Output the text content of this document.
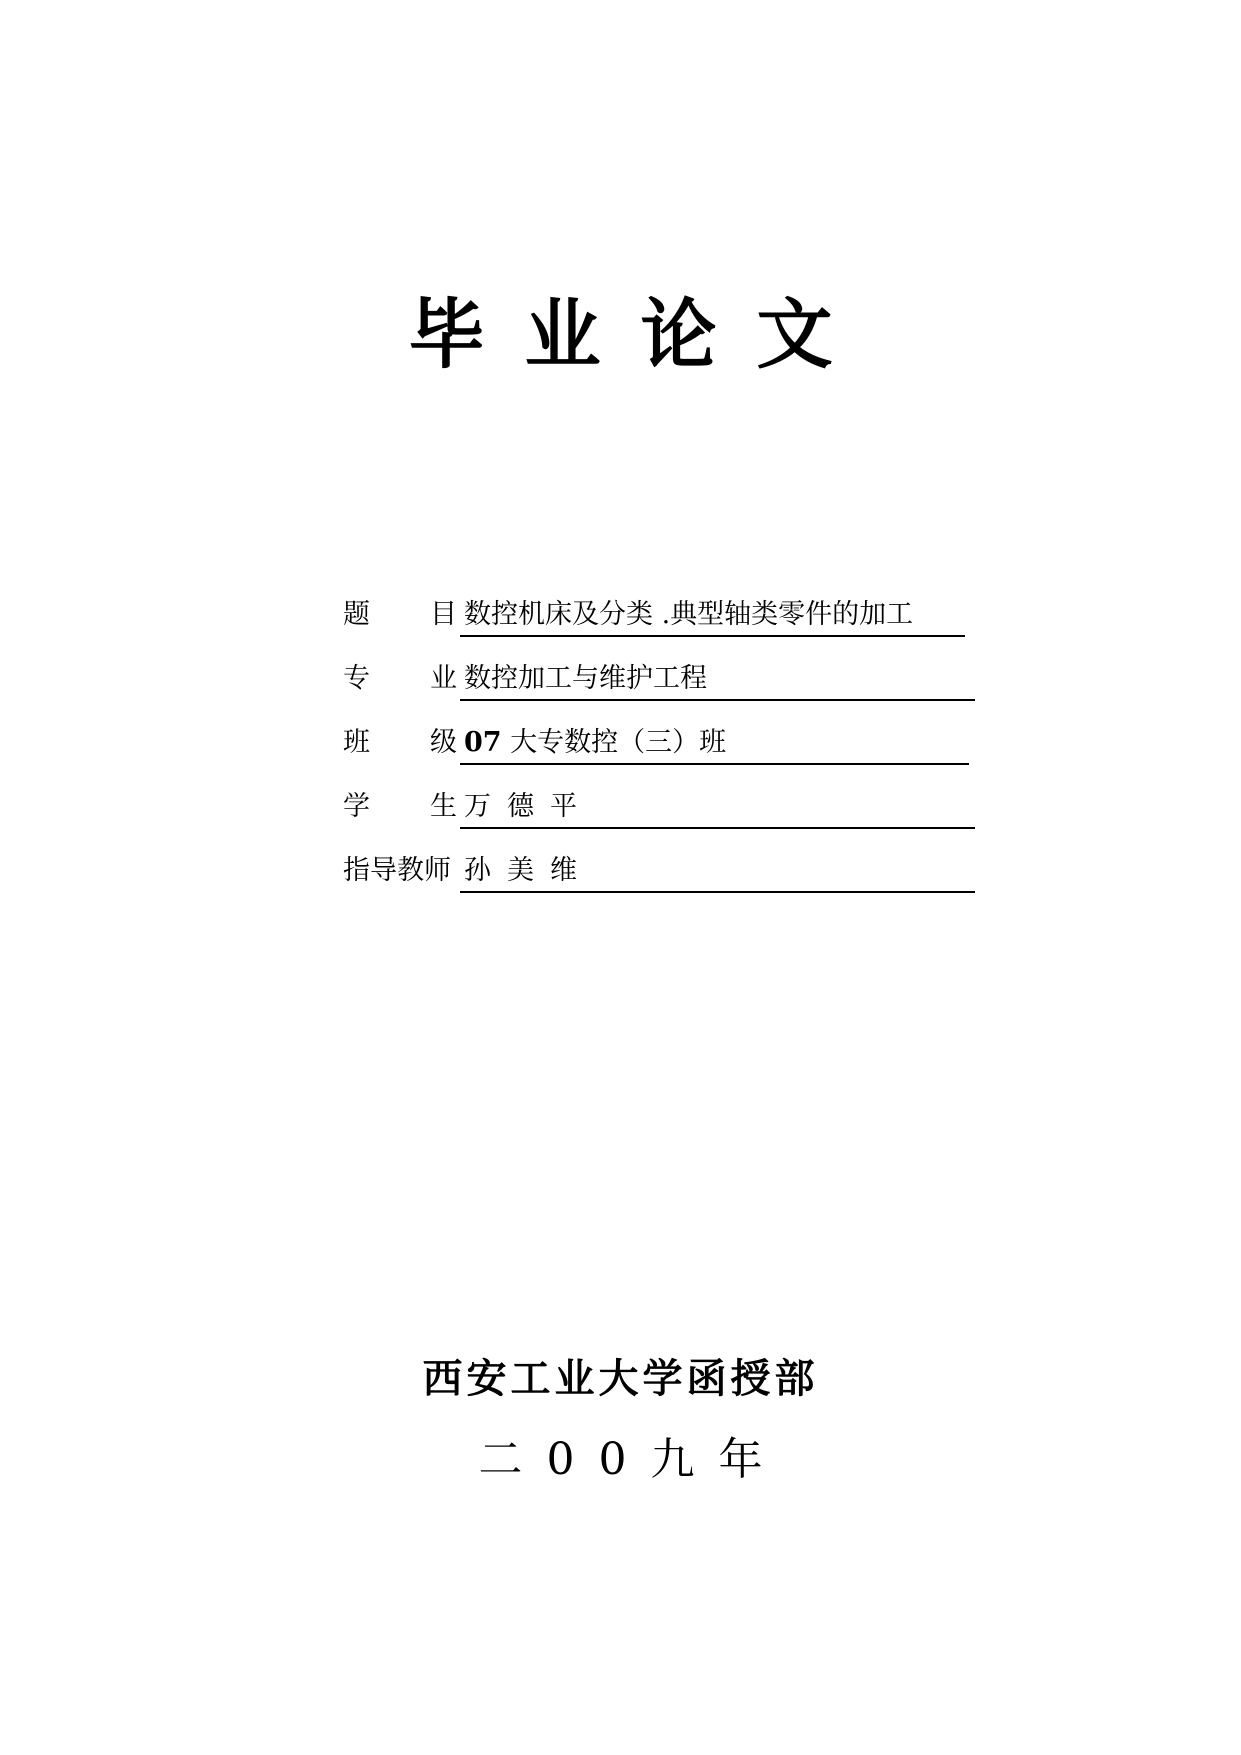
毕业论文
题	目 数控机床及分类 .典型轴类零件的加工
专	业 数控加工与维护工程
班	级 07 大专数控（三）班
学	生 万德平
指导教师 孙美维
西安工业大学函授部
二00九年
